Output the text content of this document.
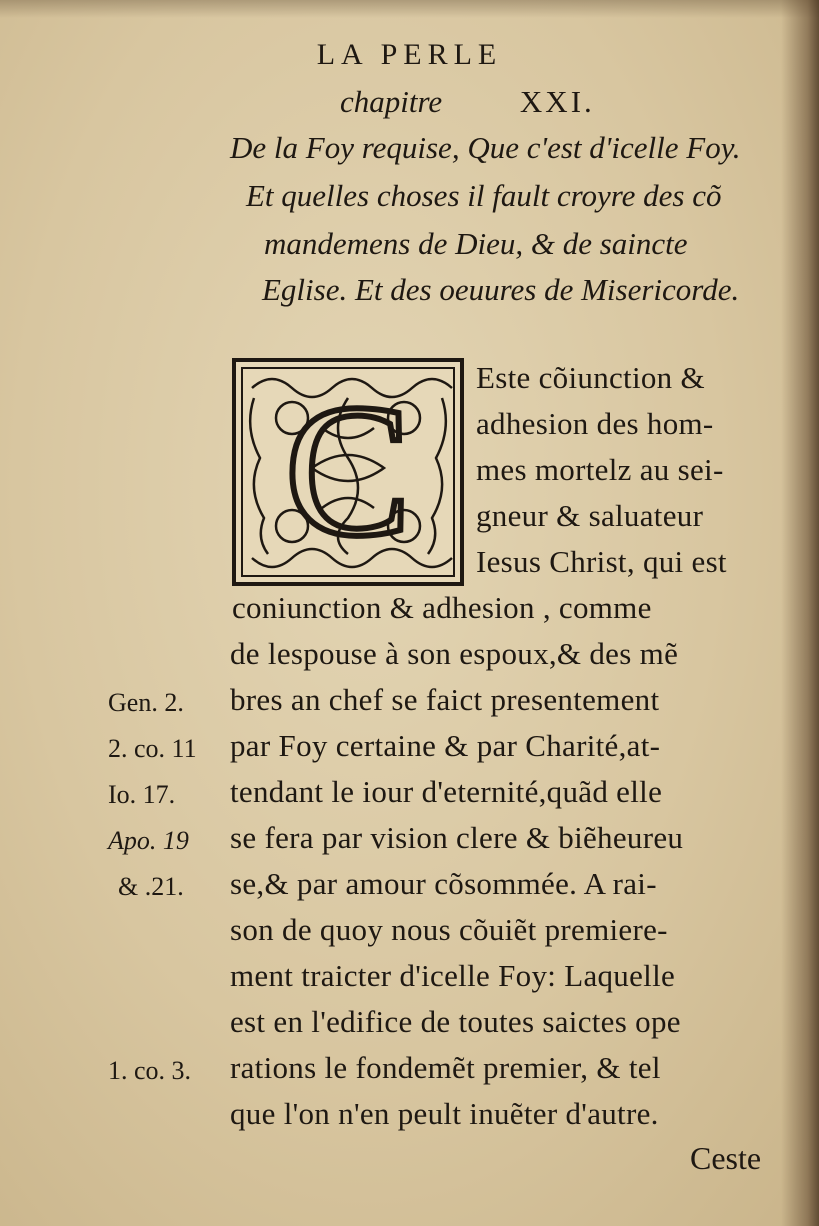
LA PERLE
chapitre	XXI.
De la Foy requise, Que c'est d'icelle Foy.
Et quelles choses il fault croyre des cõ
mandemens de Dieu, & de saincte
Eglise. Et des oeuures de Misericorde.
C Este cõiunction &
adhesion des hom-
mes mortelz au sei-
gneur & saluateur
Iesus Christ, qui est
coniunction & adhesion , comme
de lespouse à son espoux,& des mẽ
bres an chef se faict presentement
par Foy certaine & par Charité,at-
tendant le iour d'eternité,quãd elle
se fera par vision clere & biẽheureu
se,& par amour cõsommée. A rai-
son de quoy nous cõuiẽt premiere-
ment traicter d'icelle Foy: Laquelle
est en l'edifice de toutes saictes ope
rations le fondemẽt premier, & tel
que l'on n'en peult inuẽter d'autre.
Gen. 2.
2. co. 11
Io. 17.
Apo. 19
& .21.
1. co. 3.
Ceste
